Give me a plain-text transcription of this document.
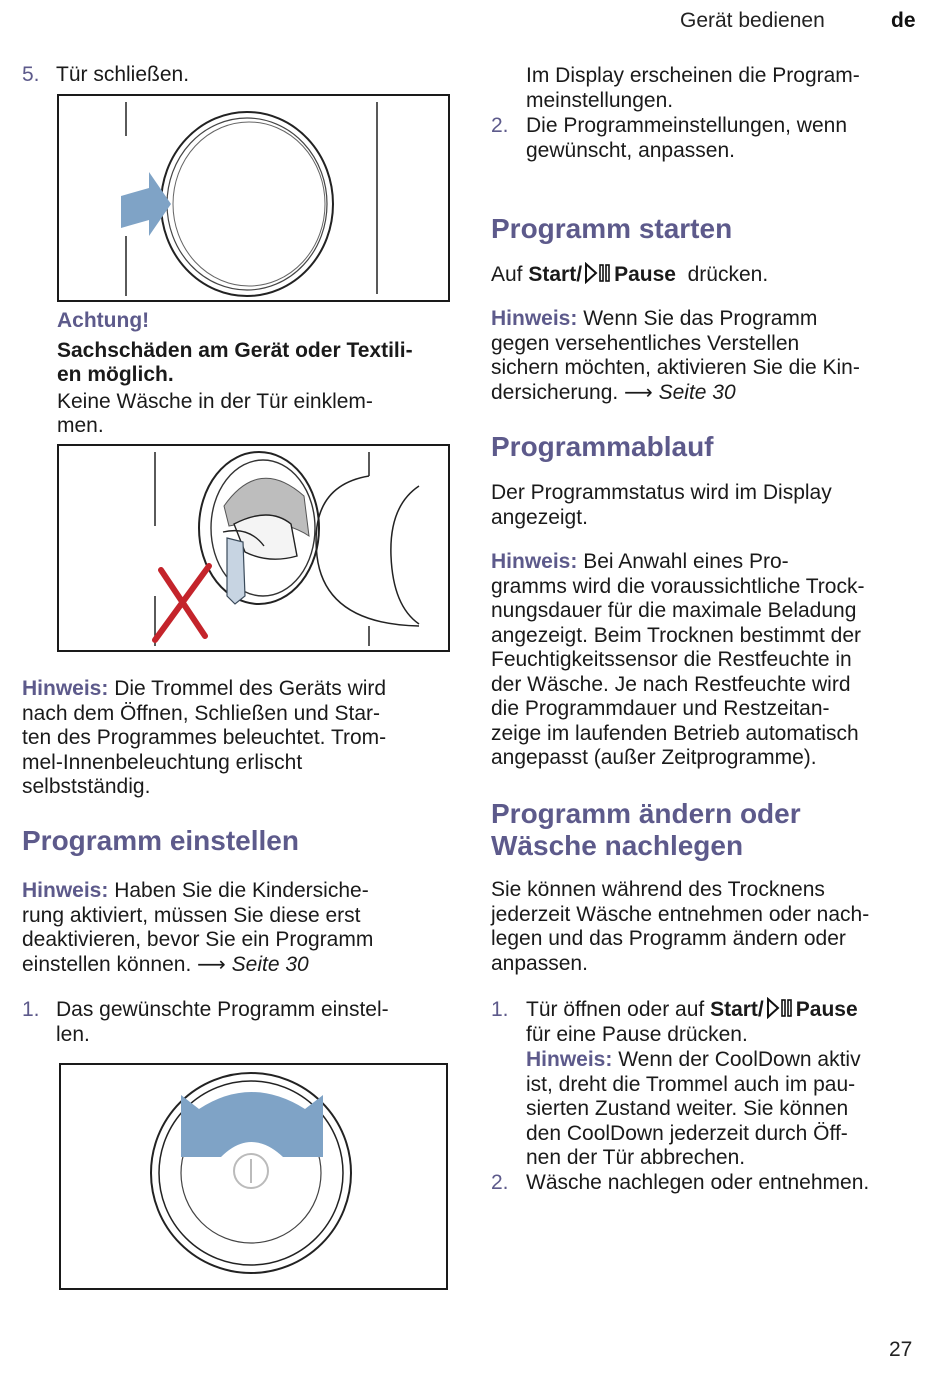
Gerät bedienen	de
5. Tür schließen.

Achtung!

Sachschäden am Gerät oder Textili-

en möglich.

Keine Wäsche in der Tür einklem-

men.

Hinweis: Die Trommel des Geräts wird

nach dem Öffnen, Schließen und Star-

ten des Programmes beleuchtet. Trom-

mel-Innenbeleuchtung erlischt

selbstständig.

Programm einstellen

Hinweis: Haben Sie die Kindersiche-

rung aktiviert, müssen Sie diese erst

deaktivieren, bevor Sie ein Programm

einstellen können. ⟶ Seite 30

1. Das gewünschte Programm einstel-

len.

Im Display erscheinen die Program-

meinstellungen.

2. Die Programmeinstellungen, wenn

gewünscht, anpassen.

Programm starten

Auf Start/ Pause drücken.

Hinweis: Wenn Sie das Programm

gegen versehentliches Verstellen

sichern möchten, aktivieren Sie die Kin-

dersicherung. ⟶ Seite 30

Programmablauf

Der Programmstatus wird im Display

angezeigt.

Hinweis: Bei Anwahl eines Pro-

gramms wird die voraussichtliche Trock-

nungsdauer für die maximale Beladung

angezeigt. Beim Trocknen bestimmt der

Feuchtigkeitssensor die Restfeuchte in

der Wäsche. Je nach Restfeuchte wird

die Programmdauer und Restzeitan-

zeige im laufenden Betrieb automatisch

angepasst (außer Zeitprogramme).

Programm ändern oder

Wäsche nachlegen

Sie können während des Trocknens

jederzeit Wäsche entnehmen oder nach-

legen und das Programm ändern oder

anpassen.

1. Tür öffnen oder auf Start/ Pause

für eine Pause drücken.

Hinweis: Wenn der CoolDown aktiv

ist, dreht die Trommel auch im pau-

sierten Zustand weiter. Sie können

den CoolDown jederzeit durch Öff-

nen der Tür abbrechen.

2. Wäsche nachlegen oder entnehmen.

27
